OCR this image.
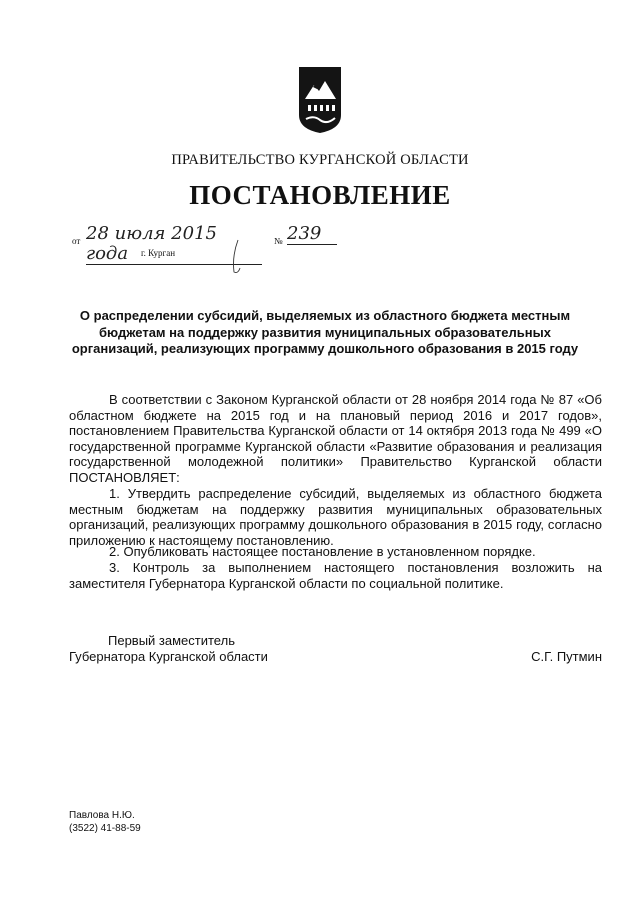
ПРАВИТЕЛЬСТВО КУРГАНСКОЙ ОБЛАСТИ
ПОСТАНОВЛЕНИЕ
от 28 июля 2015 года
№ 239
г. Курган
О распределении субсидий, выделяемых из областного бюджета местным бюджетам на поддержку развития муниципальных образовательных организаций, реализующих программу дошкольного образования в 2015 году
В соответствии с Законом Курганской области от 28 ноября 2014 года № 87 «Об областном бюджете на 2015 год и на плановый период 2016 и 2017 годов», постановлением Правительства Курганской области от 14 октября 2013 года № 499 «О государственной программе Курганской области «Развитие образования и реализация государственной молодежной политики» Правительство Курганской области ПОСТАНОВЛЯЕТ:
1. Утвердить распределение субсидий, выделяемых из областного бюджета местным бюджетам на поддержку развития муниципальных образовательных организаций, реализующих программу дошкольного образования в 2015 году, согласно приложению к настоящему постановлению.
2. Опубликовать настоящее постановление в установленном порядке.
3. Контроль за выполнением настоящего постановления возложить на заместителя Губернатора Курганской области по социальной политике.
Первый заместитель
Губернатора Курганской области	С.Г. Путмин
Павлова Н.Ю.
(3522) 41-88-59
